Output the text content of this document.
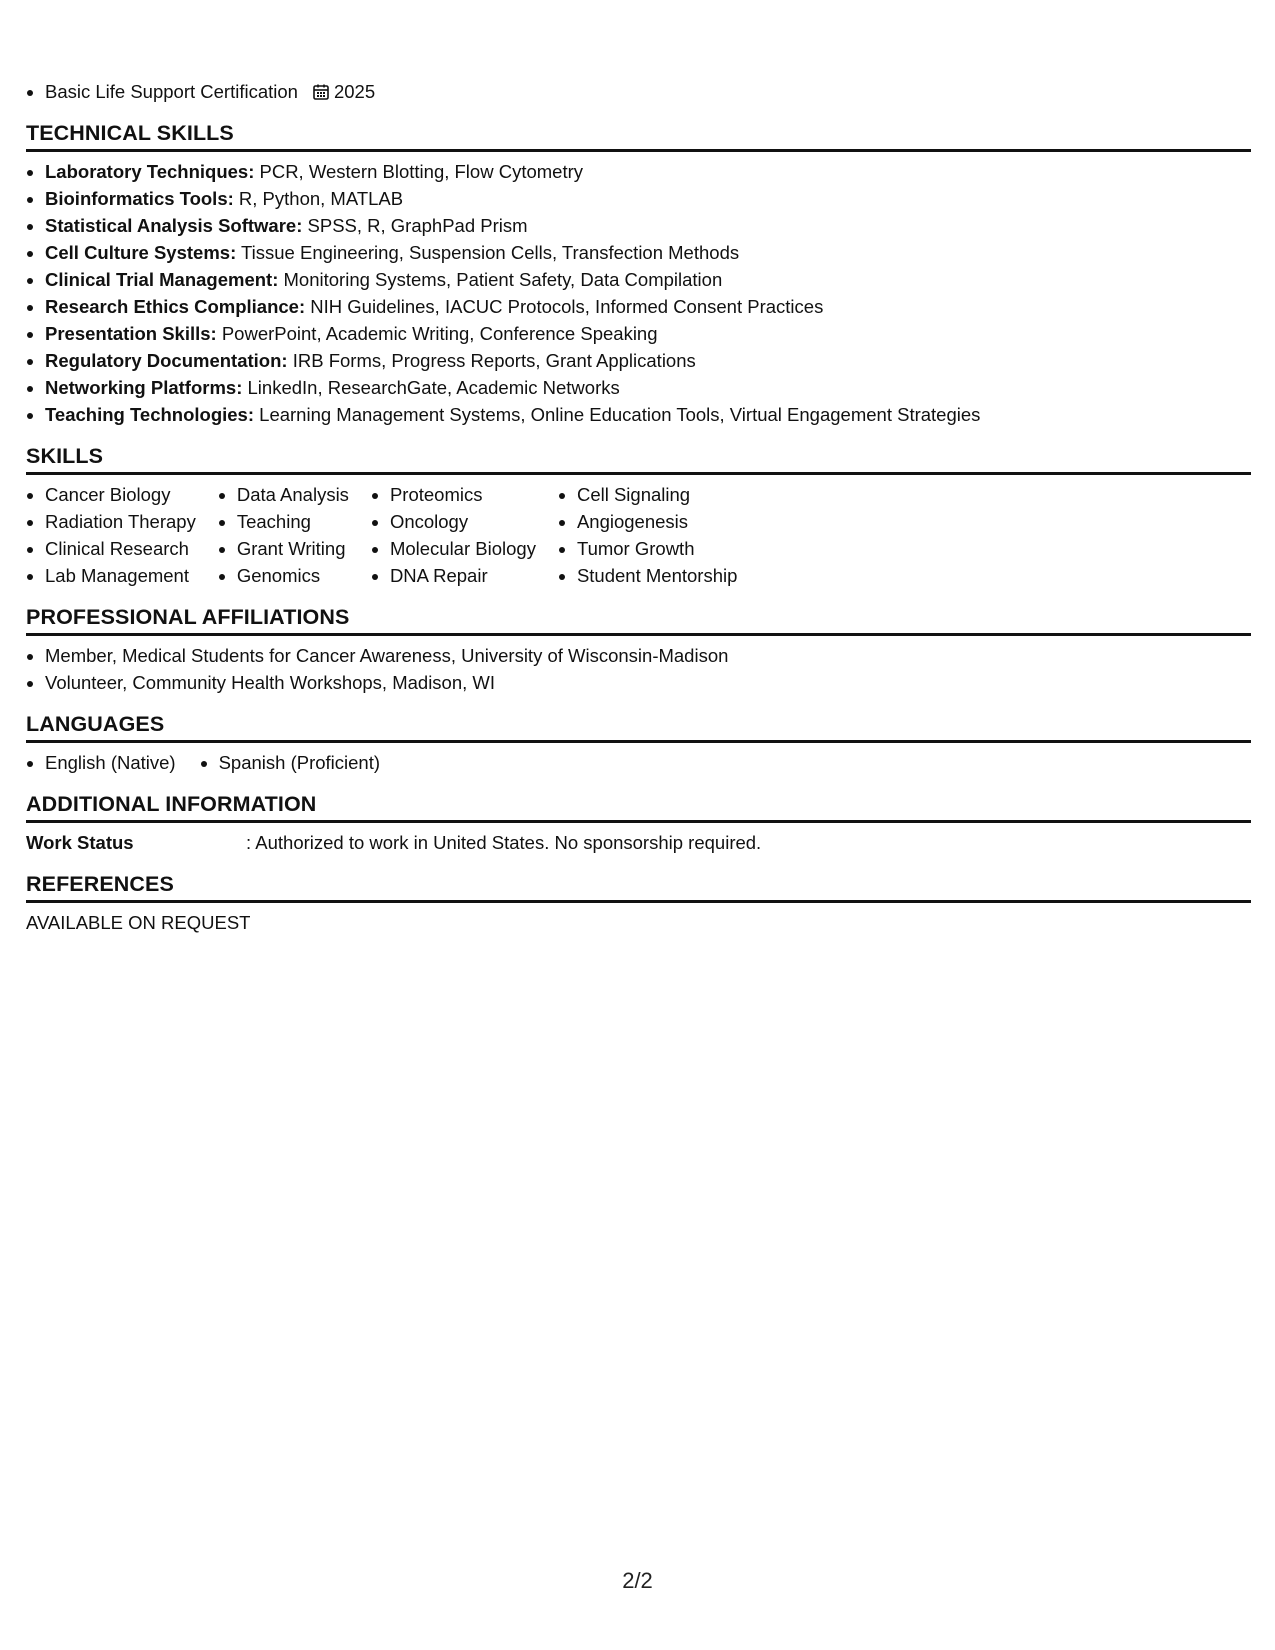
Basic Life Support Certification 2025
TECHNICAL SKILLS
Laboratory Techniques: PCR, Western Blotting, Flow Cytometry
Bioinformatics Tools: R, Python, MATLAB
Statistical Analysis Software: SPSS, R, GraphPad Prism
Cell Culture Systems: Tissue Engineering, Suspension Cells, Transfection Methods
Clinical Trial Management: Monitoring Systems, Patient Safety, Data Compilation
Research Ethics Compliance: NIH Guidelines, IACUC Protocols, Informed Consent Practices
Presentation Skills: PowerPoint, Academic Writing, Conference Speaking
Regulatory Documentation: IRB Forms, Progress Reports, Grant Applications
Networking Platforms: LinkedIn, ResearchGate, Academic Networks
Teaching Technologies: Learning Management Systems, Online Education Tools, Virtual Engagement Strategies
SKILLS
Cancer Biology
Radiation Therapy
Clinical Research
Lab Management
Data Analysis
Teaching
Grant Writing
Genomics
Proteomics
Oncology
Molecular Biology
DNA Repair
Cell Signaling
Angiogenesis
Tumor Growth
Student Mentorship
PROFESSIONAL AFFILIATIONS
Member, Medical Students for Cancer Awareness, University of Wisconsin-Madison
Volunteer, Community Health Workshops, Madison, WI
LANGUAGES
English (Native)	Spanish (Proficient)
ADDITIONAL INFORMATION
Work Status	: Authorized to work in United States. No sponsorship required.
REFERENCES
AVAILABLE ON REQUEST
2/2
